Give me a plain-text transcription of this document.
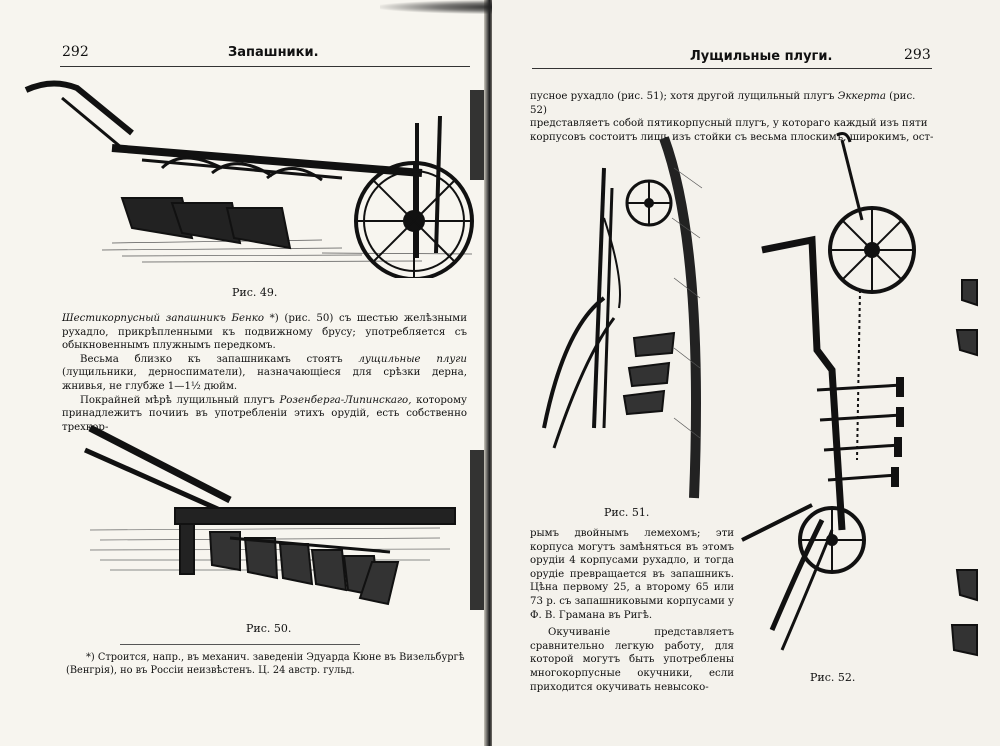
292	Запашники.
Рис. 49.

Шестикорпусный запашникъ Бенко *) (рис. 50) съ шестью желѣзными рухадло, прикрѣпленными къ подвижному брусу; употребляется съ обыкновеннымъ плужнымъ передкомъ.

Весьма близко къ запашникамъ стоятъ лущильные плуги (лущильники, дерноспиматели), назначающiеся для срѣзки дерна, жнивья, не глубже 1—1½ дюйм.

Покрайней мѣрѣ лущильный плугъ Розенберга-Липинскаго, которому принадлежитъ почииъ въ употребленiи этихъ орудiй, есть собственно трехкор-

Рис. 50.
*) Строится, напр., въ механич. заведенiи Эдуарда Кюне въ Визельбургѣ
(Венгрiя), но въ Россiи неизвѣстенъ. Ц. 24 австр. гульд.
Лущильные плуги.	293
пусное рухадло (рис. 51); хотя другой лущильный плугъ Эккерта (рис. 52)
представляетъ собой пятикорпусный плугъ, у котораго каждый изъ пяти
корпусовъ состоитъ лишь изъ стойки съ весьма плоскимъ, широкимъ, ост-
Рис. 51.

рымъ двойнымъ лемехомъ; эти корпуса могутъ замѣняться въ этомъ орудiи 4 корпусами рухадло, и тогда орудiе превращается въ запашникъ. Цѣна первому 25, а второму 65 или 73 р. съ запашниковыми корпусами у Ф. В. Грамана въ Ригѣ.

Окучиванiе представляетъ сравнительно легкую работу, для которой могутъ быть употреблены многокорпусные окучники, если приходится окучивать невысоко-

Рис. 52.
